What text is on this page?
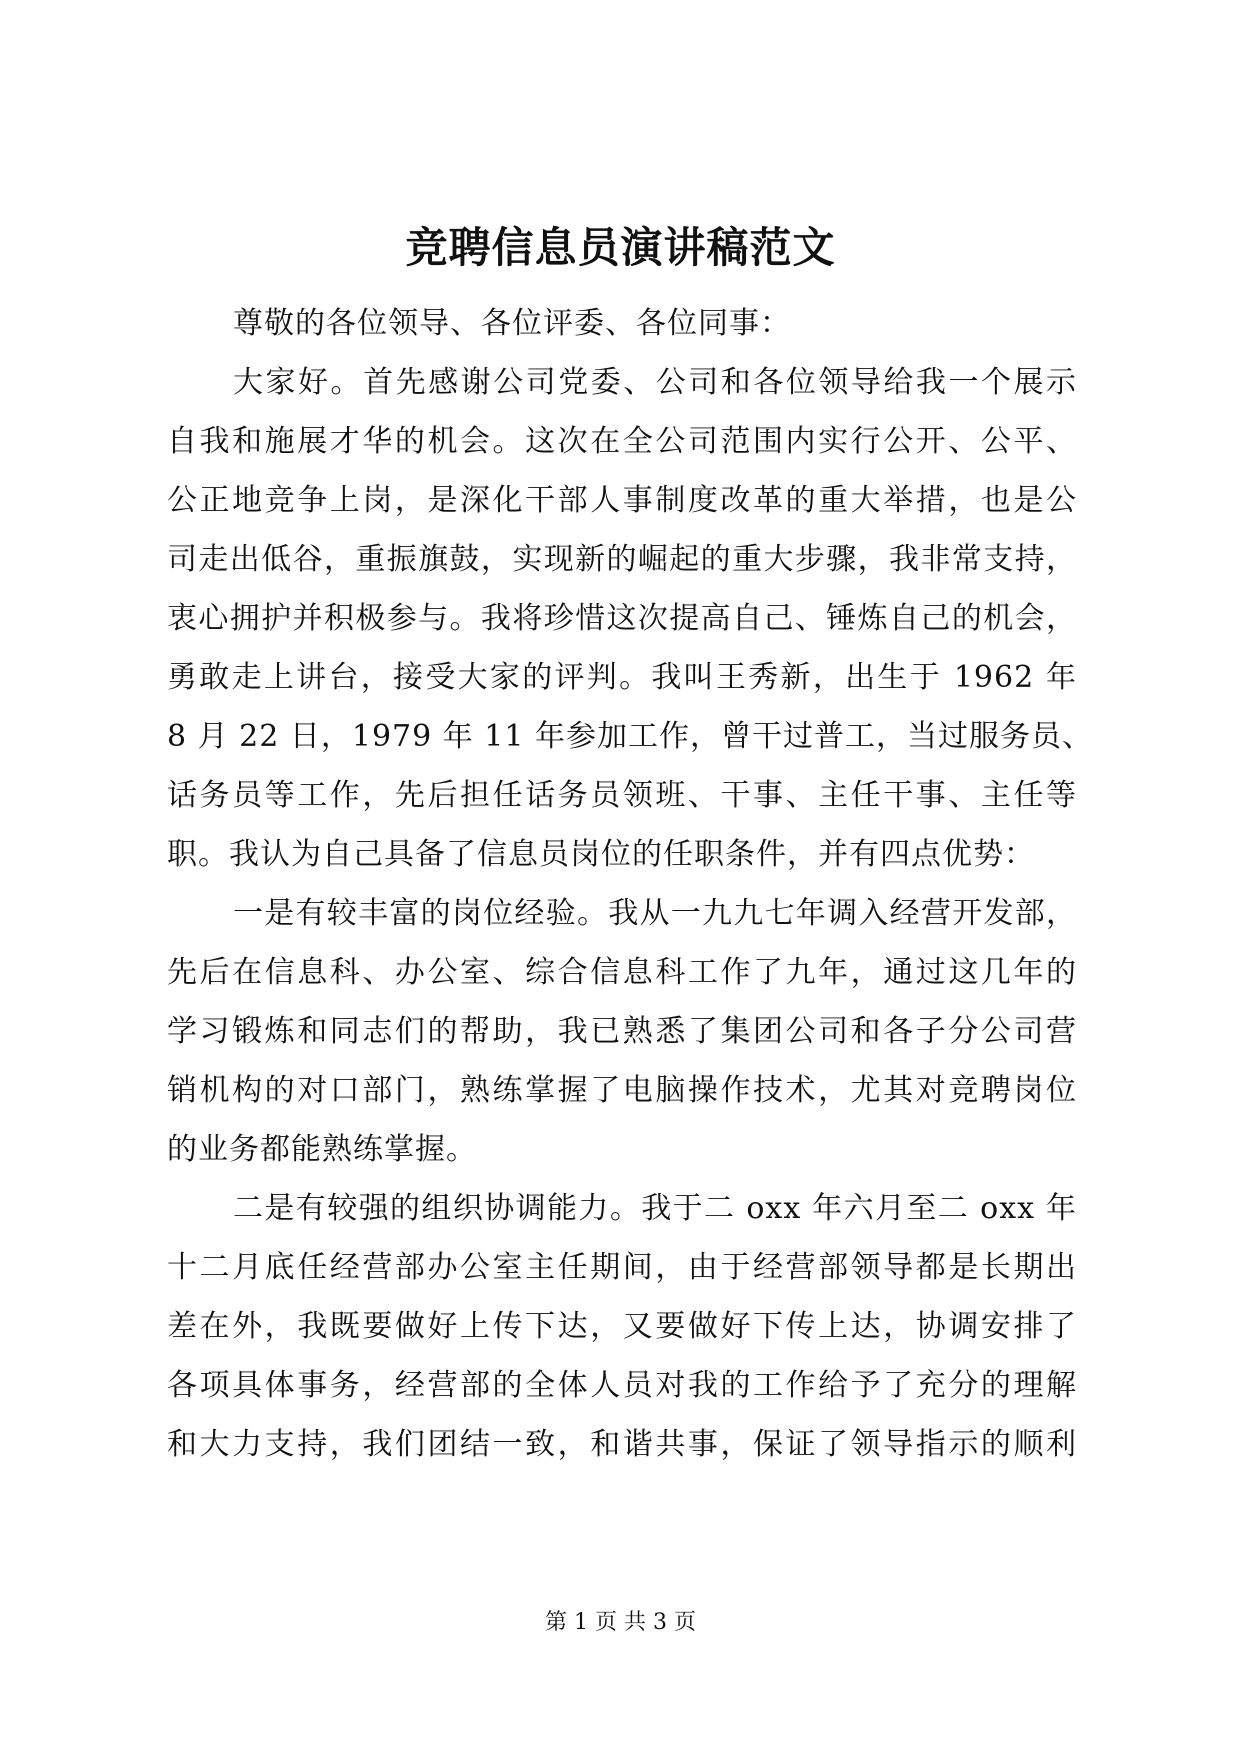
竞聘信息员演讲稿范文
尊敬的各位领导、各位评委、各位同事：
大家好。首先感谢公司党委、公司和各位领导给我一个展示
自我和施展才华的机会。这次在全公司范围内实行公开、公平、
公正地竞争上岗，是深化干部人事制度改革的重大举措，也是公
司走出低谷，重振旗鼓，实现新的崛起的重大步骤，我非常支持，
衷心拥护并积极参与。我将珍惜这次提高自己、锤炼自己的机会，
勇敢走上讲台，接受大家的评判。我叫王秀新，出生于 1962 年
8 月 22 日，1979 年 11 年参加工作，曾干过普工，当过服务员、
话务员等工作，先后担任话务员领班、干事、主任干事、主任等
职。我认为自己具备了信息员岗位的任职条件，并有四点优势：
一是有较丰富的岗位经验。我从一九九七年调入经营开发部，
先后在信息科、办公室、综合信息科工作了九年，通过这几年的
学习锻炼和同志们的帮助，我已熟悉了集团公司和各子分公司营
销机构的对口部门，熟练掌握了电脑操作技术，尤其对竞聘岗位
的业务都能熟练掌握。
二是有较强的组织协调能力。我于二 oxx 年六月至二 oxx 年
十二月底任经营部办公室主任期间，由于经营部领导都是长期出
差在外，我既要做好上传下达，又要做好下传上达，协调安排了
各项具体事务，经营部的全体人员对我的工作给予了充分的理解
和大力支持，我们团结一致，和谐共事，保证了领导指示的顺利
第 1 页 共 3 页
